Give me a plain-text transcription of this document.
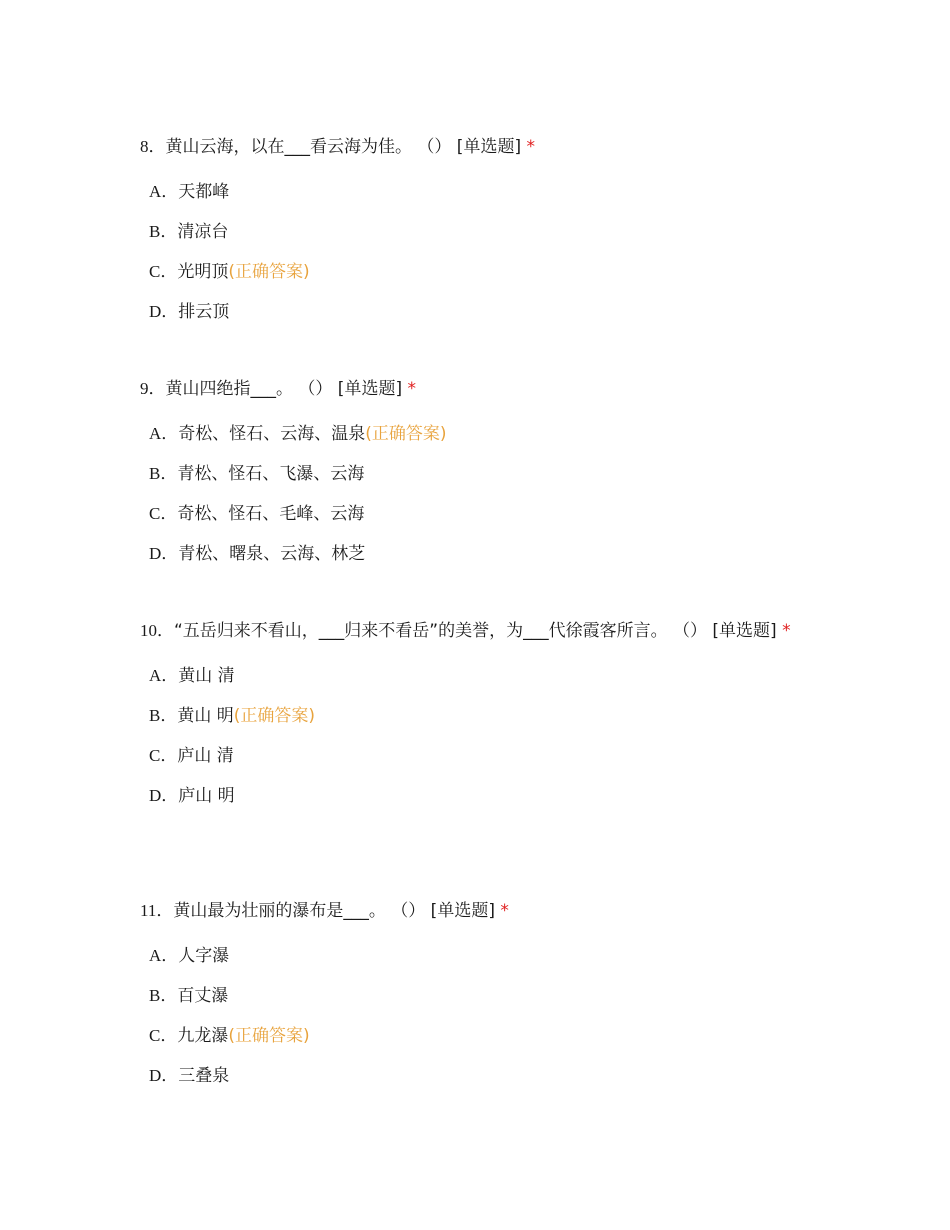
8．黄山云海，以在___看云海为佳。 （） [单选题] *

A．天都峰
B．清凉台
C．光明顶(正确答案)
D．排云顶

9．黄山四绝指___。 （） [单选题] *

A．奇松、怪石、云海、温泉(正确答案)
B．青松、怪石、飞瀑、云海
C．奇松、怪石、毛峰、云海
D．青松、曙泉、云海、林芝

10．“五岳归来不看山，___归来不看岳”的美誉，为___代徐霞客所言。 （） [单选题] *

A．黄山 清
B．黄山 明(正确答案)
C．庐山 清
D．庐山 明

11．黄山最为壮丽的瀑布是___。 （） [单选题] *

A．人字瀑
B．百丈瀑
C．九龙瀑(正确答案)
D．三叠泉
